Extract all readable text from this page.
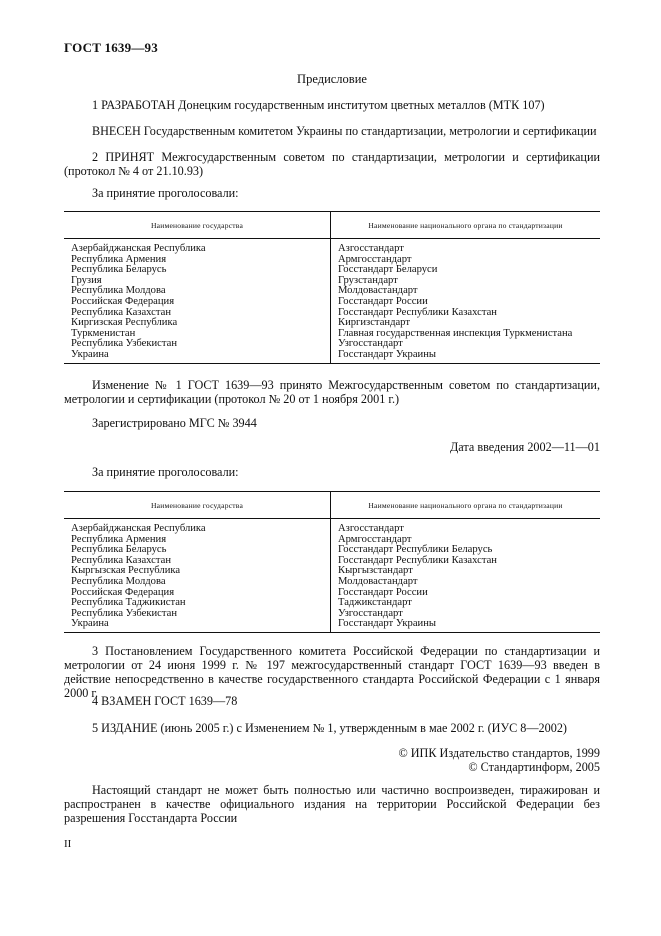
ГОСТ 1639—93
Предисловие
1 РАЗРАБОТАН Донецким государственным институтом цветных металлов (МТК 107)
ВНЕСЕН Государственным комитетом Украины по стандартизации, метрологии и сертификации
2 ПРИНЯТ Межгосударственным советом по стандартизации, метрологии и сертификации (протокол № 4 от 21.10.93)
За принятие проголосовали:
Наименование государства	Наименование национального органа по стандартизации
Азербайджанская Республика	Азгосстандарт
Республика Армения	Армгосстандарт
Республика Беларусь	Госстандарт Беларуси
Грузия	Грузстандарт
Республика Молдова	Молдовастандарт
Российская Федерация	Госстандарт России
Республика Казахстан	Госстандарт Республики Казахстан
Киргизская Республика	Киргизстандарт
Туркменистан	Главная государственная инспекция Туркменистана
Республика Узбекистан	Узгосстандарт
Украина	Госстандарт Украины
Изменение № 1 ГОСТ 1639—93 принято Межгосударственным советом по стандартизации, метрологии и сертификации (протокол № 20 от 1 ноября 2001 г.)
Зарегистрировано МГС № 3944
Дата введения 2002—11—01
За принятие проголосовали:
Наименование государства	Наименование национального органа по стандартизации
Азербайджанская Республика	Азгосстандарт
Республика Армения	Армгосстандарт
Республика Беларусь	Госстандарт Республики Беларусь
Республика Казахстан	Госстандарт Республики Казахстан
Кыргызская Республика	Кыргызстандарт
Республика Молдова	Молдовастандарт
Российская Федерация	Госстандарт России
Республика Таджикистан	Таджикстандарт
Республика Узбекистан	Узгосстандарт
Украина	Госстандарт Украины
3 Постановлением Государственного комитета Российской Федерации по стандартизации и метрологии от 24 июня 1999 г. № 197 межгосударственный стандарт ГОСТ 1639—93 введен в действие непосредственно в качестве государственного стандарта Российской Федерации с 1 января 2000 г.
4 ВЗАМЕН ГОСТ 1639—78
5 ИЗДАНИЕ (июнь 2005 г.) с Изменением № 1, утвержденным в мае 2002 г. (ИУС 8—2002)
© ИПК Издательство стандартов, 1999
© Стандартинформ, 2005
Настоящий стандарт не может быть полностью или частично воспроизведен, тиражирован и распространен в качестве официального издания на территории Российской Федерации без разрешения Госстандарта России
II
